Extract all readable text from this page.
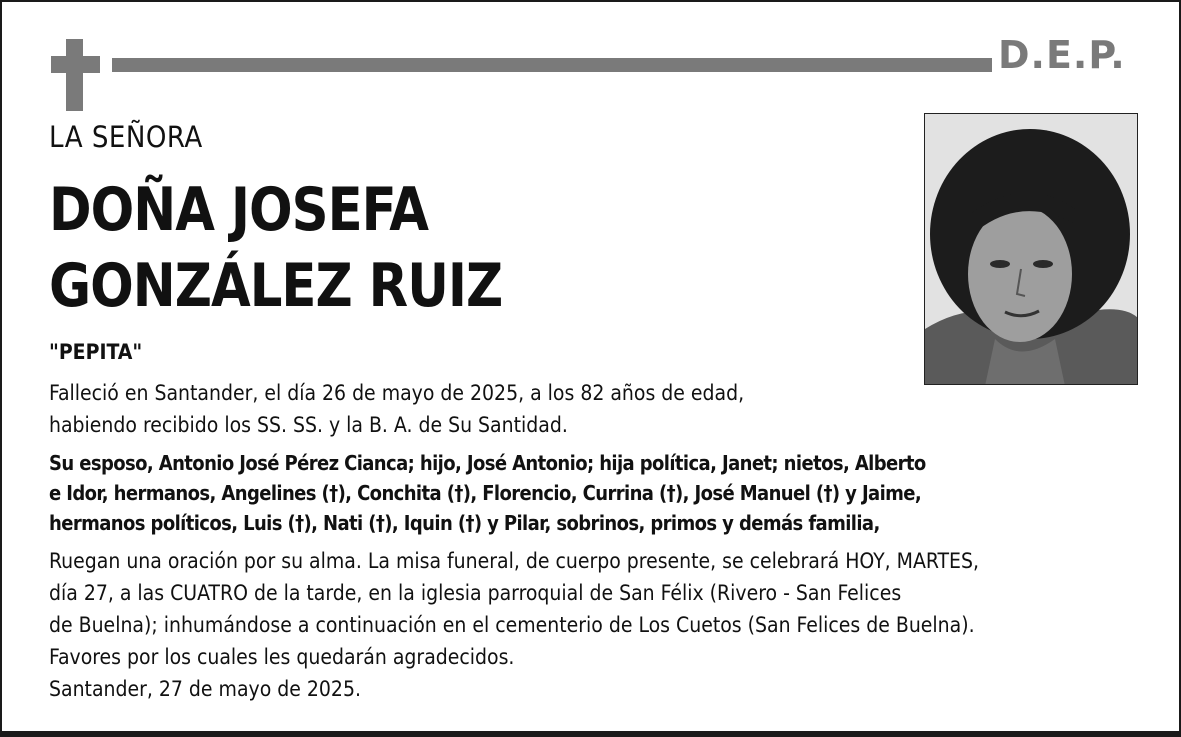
D.E.P.
LA SEÑORA
DOÑA JOSEFA
GONZÁLEZ RUIZ
"PEPITA"
Falleció en Santander, el día 26 de mayo de 2025, a los 82 años de edad,
habiendo recibido los SS. SS. y la B. A. de Su Santidad.
Su esposo, Antonio José Pérez Cianca; hijo, José Antonio; hija política, Janet; nietos, Alberto
e Idor, hermanos, Angelines (†), Conchita (†), Florencio, Currina (†), José Manuel (†) y Jaime,
hermanos políticos, Luis (†), Nati (†), Iquin (†) y Pilar, sobrinos, primos y demás familia,
Ruegan una oración por su alma. La misa funeral, de cuerpo presente, se celebrará HOY, MARTES,
día 27, a las CUATRO de la tarde, en la iglesia parroquial de San Félix (Rivero - San Felices
de Buelna); inhumándose a continuación en el cementerio de Los Cuetos (San Felices de Buelna).
Favores por los cuales les quedarán agradecidos.
Santander, 27 de mayo de 2025.
